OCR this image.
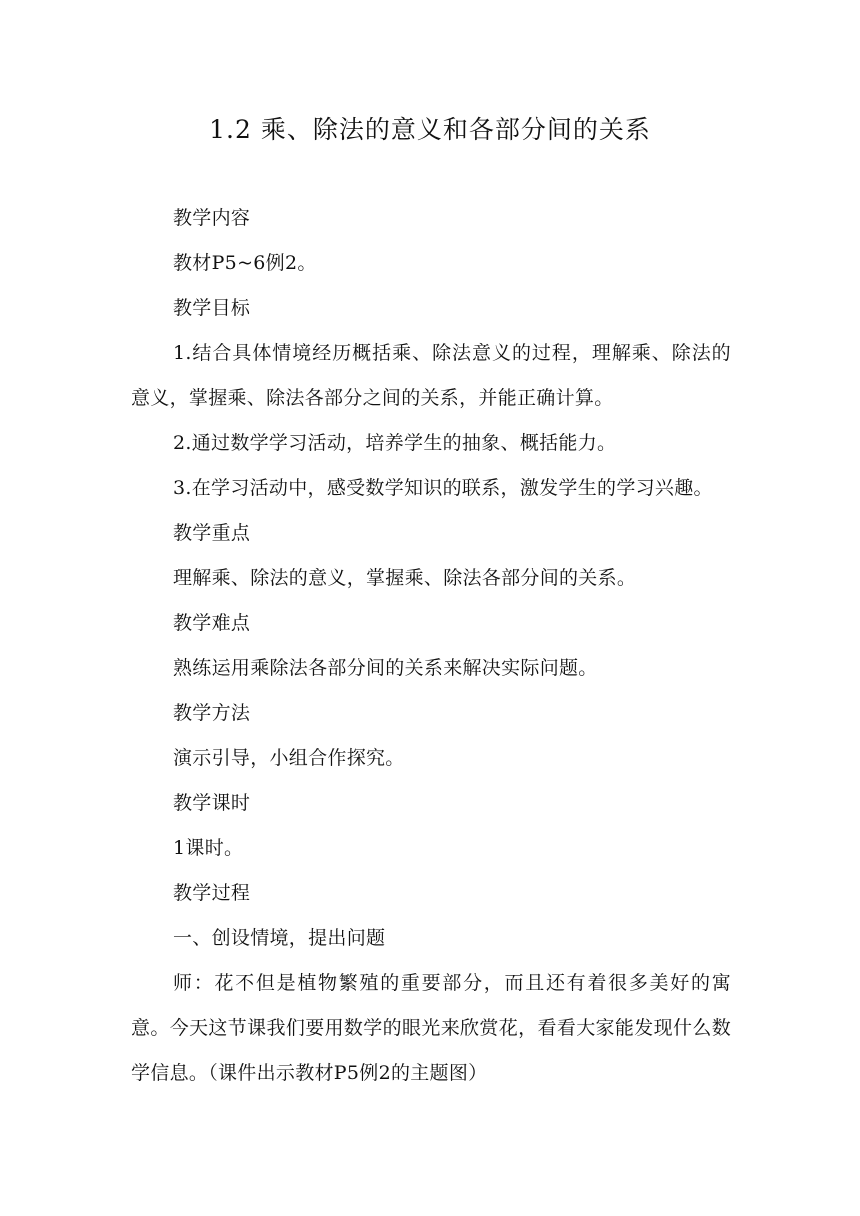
1.2 乘、除法的意义和各部分间的关系

教学内容

教材P5~6例2。

教学目标

1.结合具体情境经历概括乘、除法意义的过程，理解乘、除法的意义，掌握乘、除法各部分之间的关系，并能正确计算。

2.通过数学学习活动，培养学生的抽象、概括能力。

3.在学习活动中，感受数学知识的联系，激发学生的学习兴趣。

教学重点

理解乘、除法的意义，掌握乘、除法各部分间的关系。

教学难点

熟练运用乘除法各部分间的关系来解决实际问题。

教学方法

演示引导，小组合作探究。

教学课时

1课时。

教学过程

一、创设情境，提出问题

师：花不但是植物繁殖的重要部分，而且还有着很多美好的寓意。今天这节课我们要用数学的眼光来欣赏花，看看大家能发现什么数学信息。（课件出示教材P5例2的主题图）
